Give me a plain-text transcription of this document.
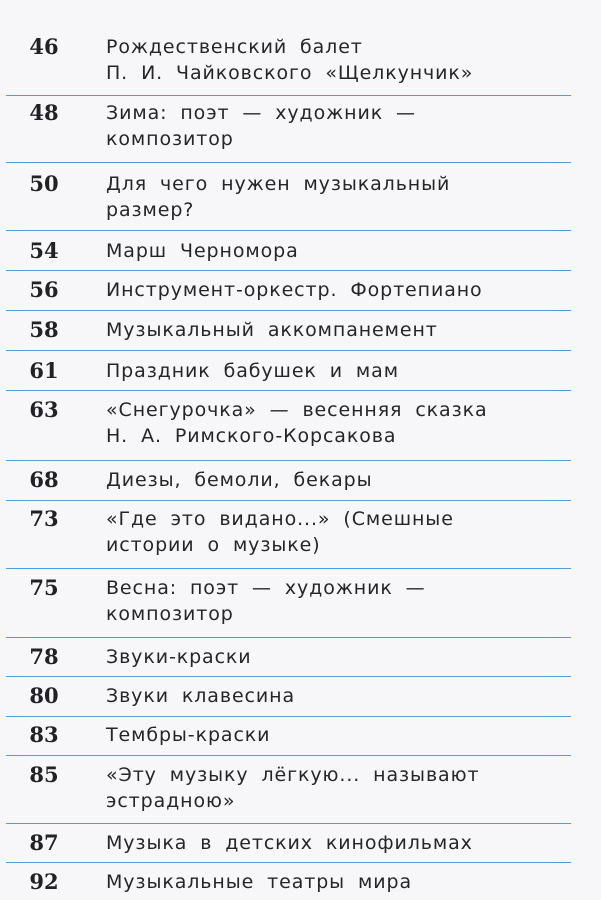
46	Рождественский балет
П. И. Чайковского «Щелкунчик»
48	Зима: поэт — художник —
композитор
50	Для чего нужен музыкальный
размер?
54	Марш Черномора
56	Инструмент-оркестр. Фортепиано
58	Музыкальный аккомпанемент
61	Праздник бабушек и мам
63	«Снегурочка» — весенняя сказка
Н. А. Римского-Корсакова
68	Диезы, бемоли, бекары
73	«Где это видано...» (Смешные
истории о музыке)
75	Весна: поэт — художник —
композитор
78	Звуки-краски
80	Звуки клавесина
83	Тембры-краски
85	«Эту музыку лёгкую... называют
эстрадною»
87	Музыка в детских кинофильмах
92	Музыкальные театры мира
